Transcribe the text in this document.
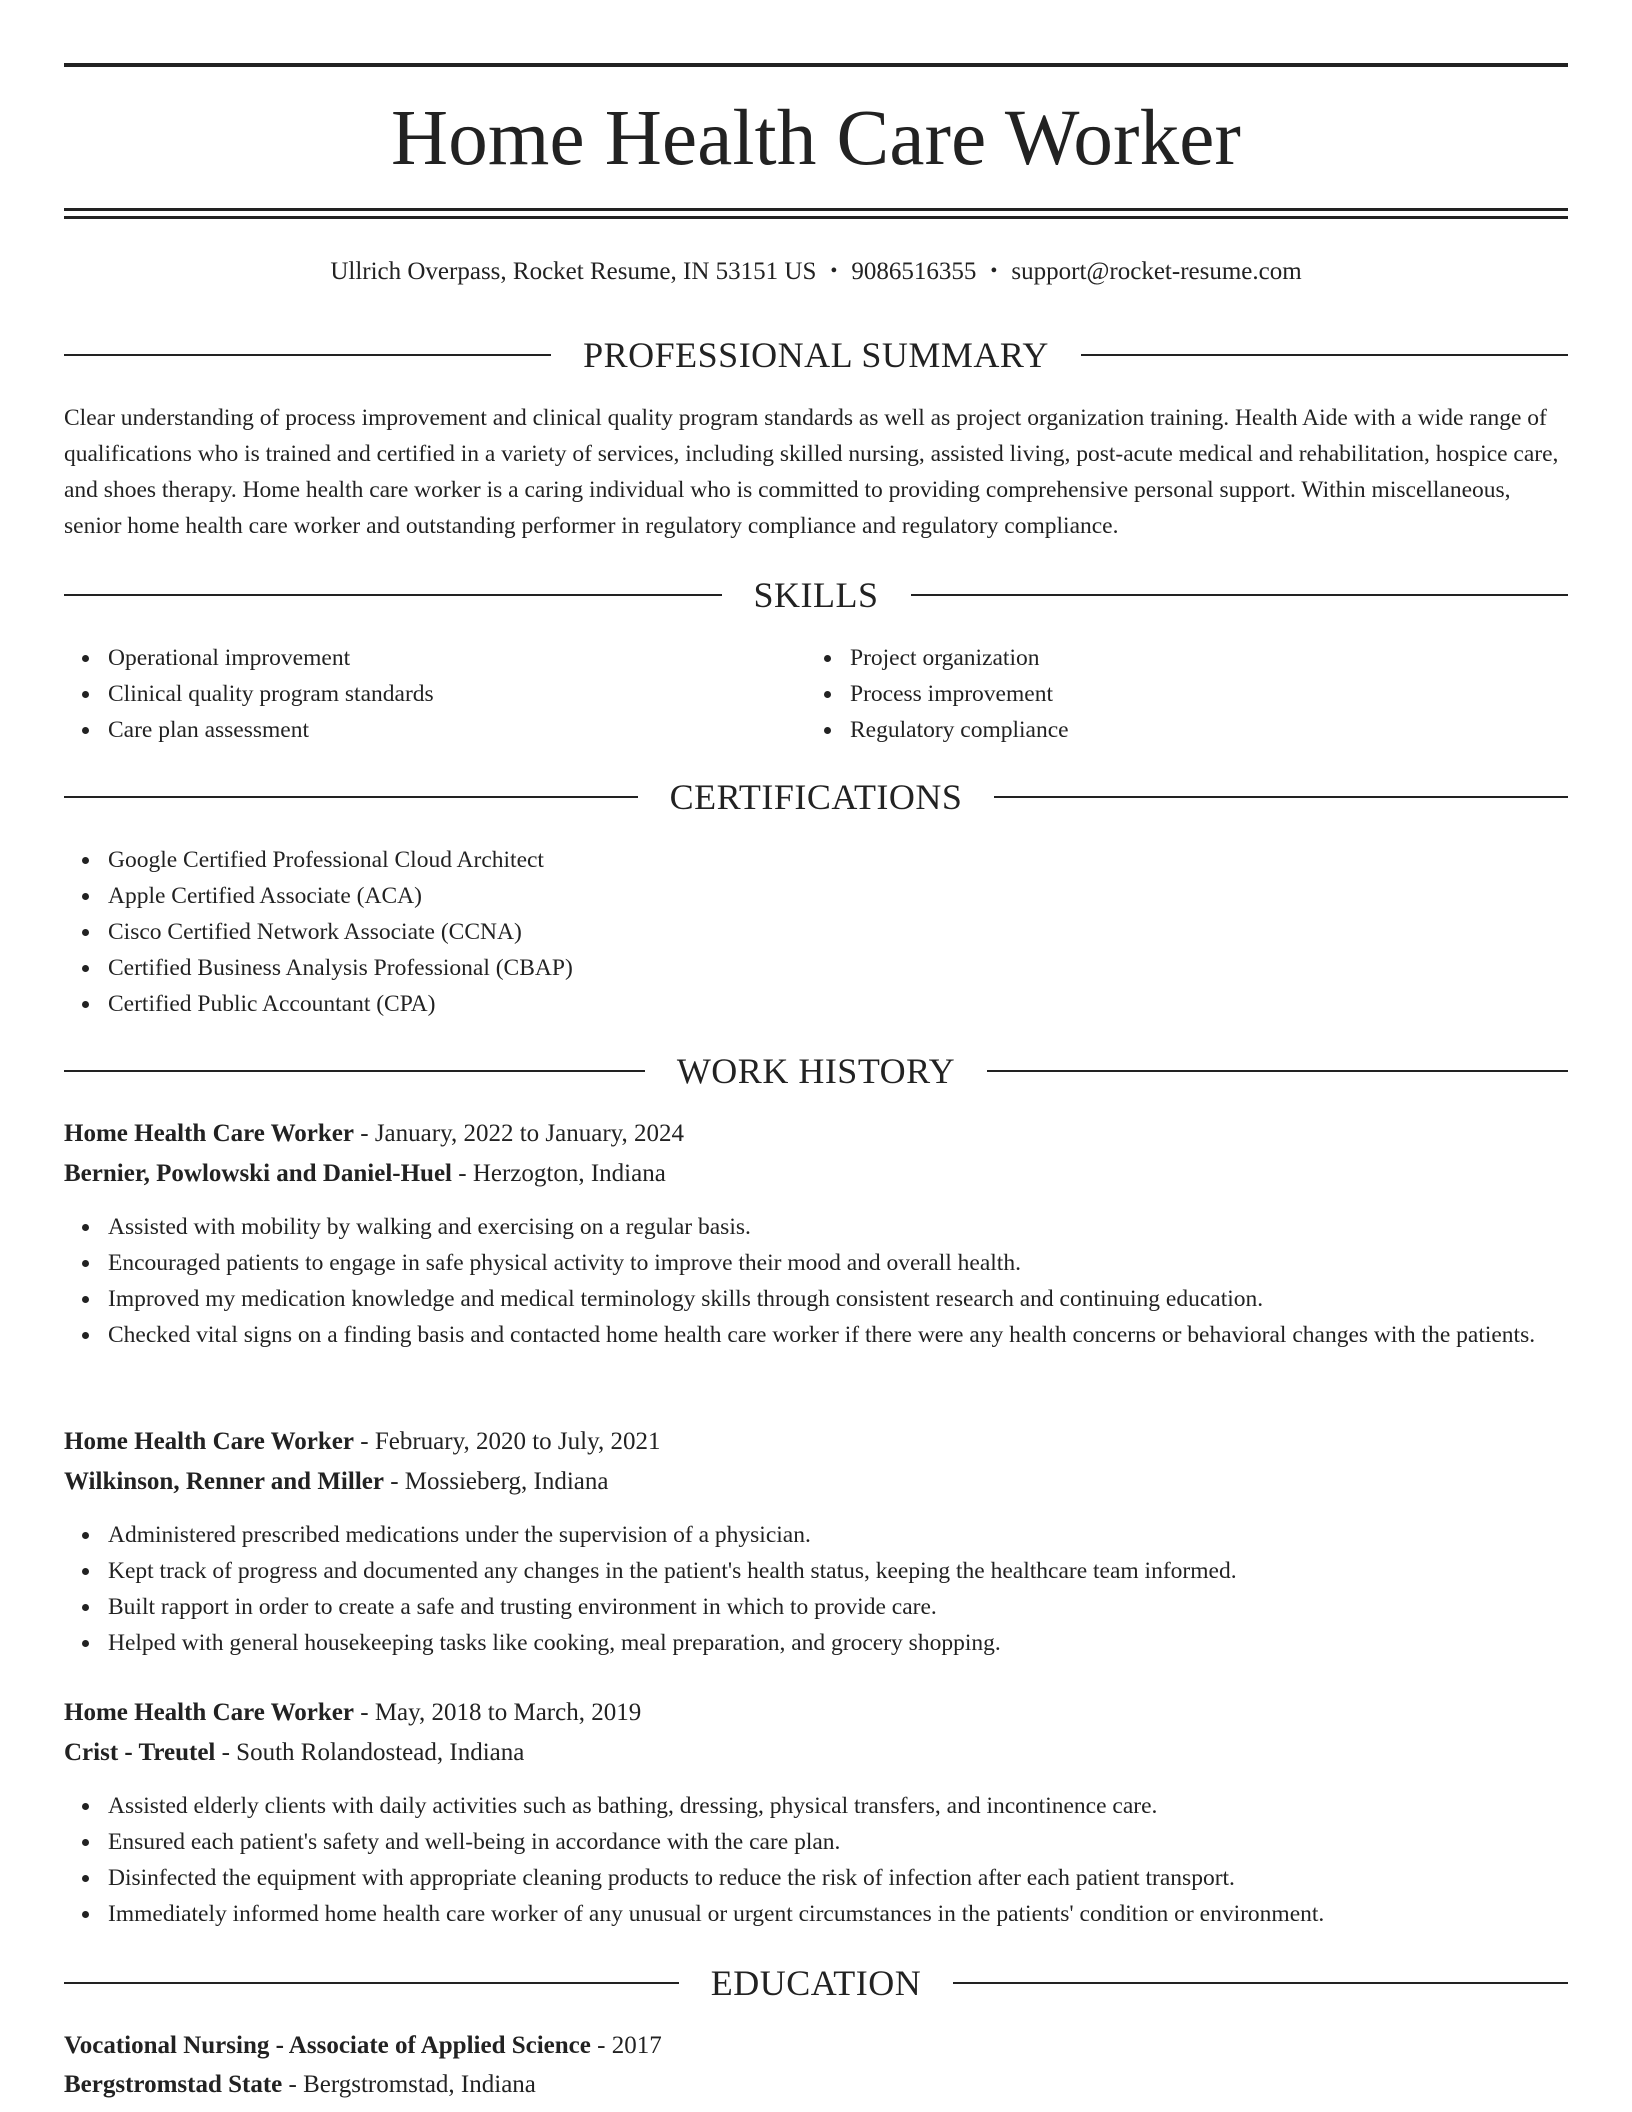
Home Health Care Worker
Ullrich Overpass, Rocket Resume, IN 53151 US • 9086516355 • support@rocket-resume.com
PROFESSIONAL SUMMARY

Clear understanding of process improvement and clinical quality program standards as well as project organization training. Health Aide with a wide range of qualifications who is trained and certified in a variety of services, including skilled nursing, assisted living, post-acute medical and rehabilitation, hospice care, and shoes therapy. Home health care worker is a caring individual who is committed to providing comprehensive personal support. Within miscellaneous, senior home health care worker and outstanding performer in regulatory compliance and regulatory compliance.

SKILLS
Operational improvement
Clinical quality program standards
Care plan assessment
Project organization
Process improvement
Regulatory compliance
CERTIFICATIONS
Google Certified Professional Cloud Architect
Apple Certified Associate (ACA)
Cisco Certified Network Associate (CCNA)
Certified Business Analysis Professional (CBAP)
Certified Public Accountant (CPA)
WORK HISTORY
Home Health Care Worker - January, 2022 to January, 2024
Bernier, Powlowski and Daniel-Huel - Herzogton, Indiana
Assisted with mobility by walking and exercising on a regular basis.
Encouraged patients to engage in safe physical activity to improve their mood and overall health.
Improved my medication knowledge and medical terminology skills through consistent research and continuing education.
Checked vital signs on a finding basis and contacted home health care worker if there were any health concerns or behavioral changes with the patients.
Home Health Care Worker - February, 2020 to July, 2021
Wilkinson, Renner and Miller - Mossieberg, Indiana
Administered prescribed medications under the supervision of a physician.
Kept track of progress and documented any changes in the patient's health status, keeping the healthcare team informed.
Built rapport in order to create a safe and trusting environment in which to provide care.
Helped with general housekeeping tasks like cooking, meal preparation, and grocery shopping.
Home Health Care Worker - May, 2018 to March, 2019
Crist - Treutel - South Rolandostead, Indiana
Assisted elderly clients with daily activities such as bathing, dressing, physical transfers, and incontinence care.
Ensured each patient's safety and well-being in accordance with the care plan.
Disinfected the equipment with appropriate cleaning products to reduce the risk of infection after each patient transport.
Immediately informed home health care worker of any unusual or urgent circumstances in the patients' condition or environment.
EDUCATION
Vocational Nursing - Associate of Applied Science - 2017
Bergstromstad State - Bergstromstad, Indiana
